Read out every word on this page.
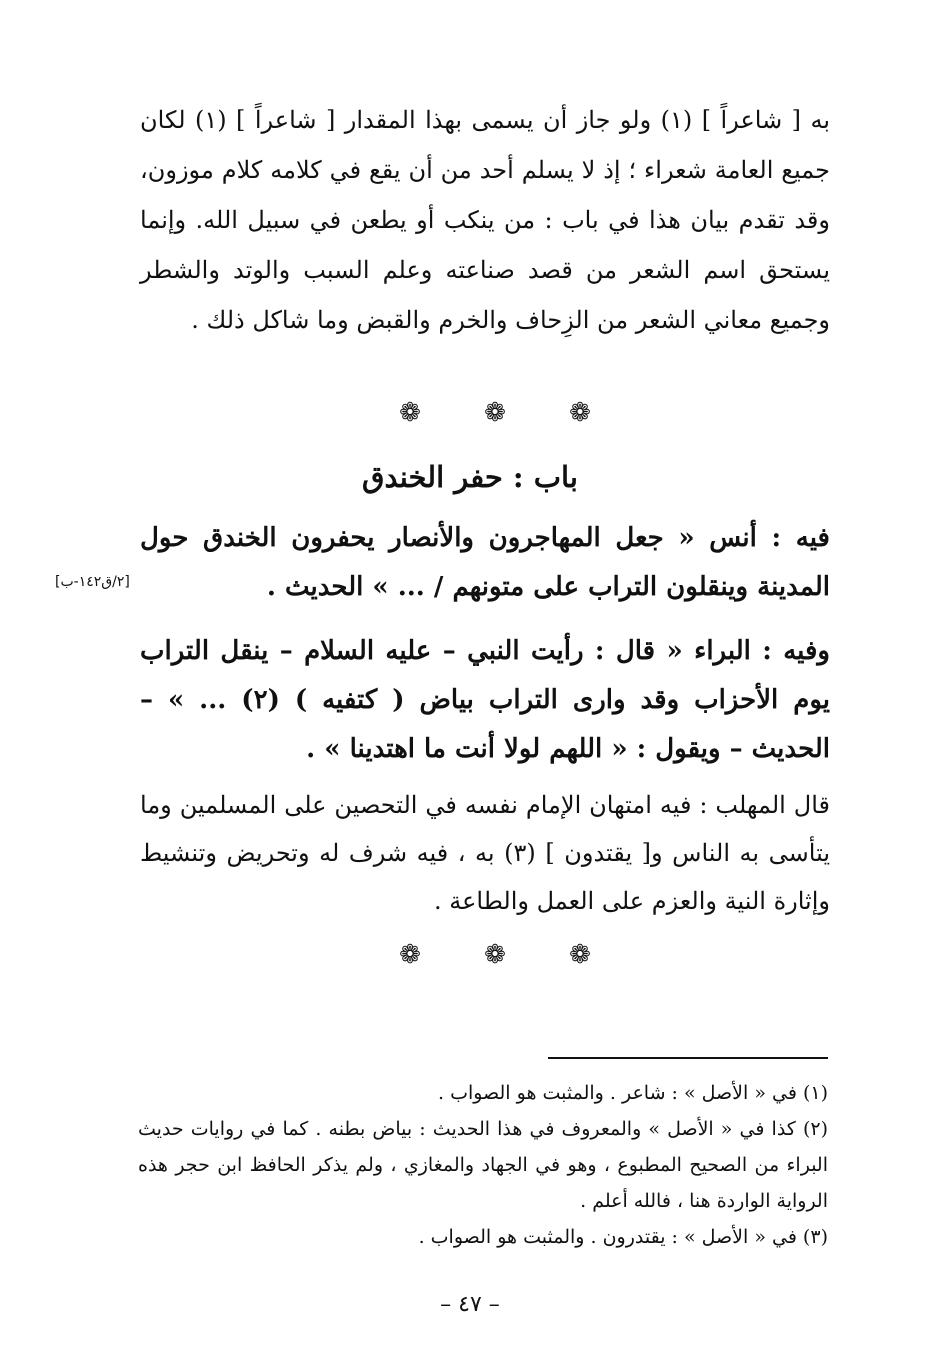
به [ شاعراً ] (١) ولو جاز أن يسمى بهذا المقدار [ شاعراً ] (١) لكان جميع العامة شعراء ؛ إذ لا يسلم أحد من أن يقع في كلامه كلام موزون، وقد تقدم بيان هذا في باب : من ينكب أو يطعن في سبيل الله. وإنما يستحق اسم الشعر من قصد صناعته وعلم السبب والوتد والشطر وجميع معاني الشعر من الزِحاف والخرم والقبض وما شاكل ذلك .

❁ ❁ ❁
باب : حفر الخندق

فيه : أنس « جعل المهاجرون والأنصار يحفرون الخندق حول المدينة وينقلون التراب على متونهم / ... » الحديث .

[٢/ق١٤٢-ب]

وفيه : البراء « قال : رأيت النبي – عليه السلام – ينقل التراب يوم الأحزاب وقد وارى التراب بياض ( كتفيه ) (٢) ... » – الحديث – ويقول : « اللهم لولا أنت ما اهتدينا » .

قال المهلب : فيه امتهان الإمام نفسه في التحصين على المسلمين وما يتأسى به الناس و[ يقتدون ] (٣) به ، فيه شرف له وتحريض وتنشيط وإثارة النية والعزم على العمل والطاعة .

❁ ❁ ❁

(١) في « الأصل » : شاعر . والمثبت هو الصواب .

(٢) كذا في « الأصل » والمعروف في هذا الحديث : بياض بطنه . كما في روايات حديث البراء من الصحيح المطبوع ، وهو في الجهاد والمغازي ، ولم يذكر الحافظ ابن حجر هذه الرواية الواردة هنا ، فالله أعلم .

(٣) في « الأصل » : يقتدرون . والمثبت هو الصواب .

– ٤٧ –
